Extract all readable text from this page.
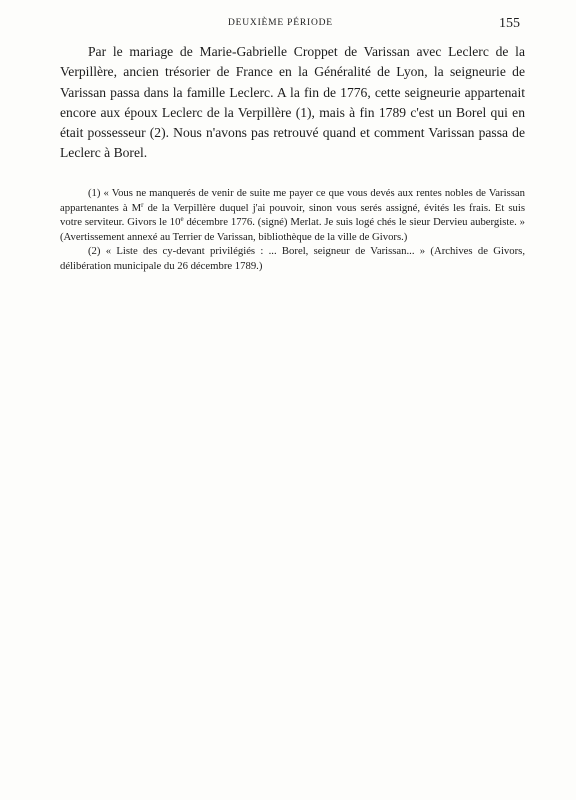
DEUXIÈME PÉRIODE	155

Par le mariage de Marie-Gabrielle Croppet de Varissan avec Leclerc de la Verpillère, ancien trésorier de France en la Généralité de Lyon, la seigneurie de Varissan passa dans la famille Leclerc. A la fin de 1776, cette seigneurie appartenait encore aux époux Leclerc de la Verpillère (1), mais à fin 1789 c'est un Borel qui en était possesseur (2). Nous n'avons pas retrouvé quand et comment Varissan passa de Leclerc à Borel.

(1) « Vous ne manquerés de venir de suite me payer ce que vous devés aux rentes nobles de Varissan appartenantes à $M^r$ de la Verpillère duquel j'ai pouvoir, sinon vous serés assigné, évités les frais. Et suis votre serviteur. Givors le 10e décembre 1776. (signé) Merlat. Je suis logé chés le sieur Dervieu aubergiste. » (Avertissement annexé au Terrier de Varissan, bibliothèque de la ville de Givors.)

(2) « Liste des cy-devant privilégiés : ... Borel, seigneur de Varissan... » (Archives de Givors, délibération municipale du 26 décembre 1789.)
